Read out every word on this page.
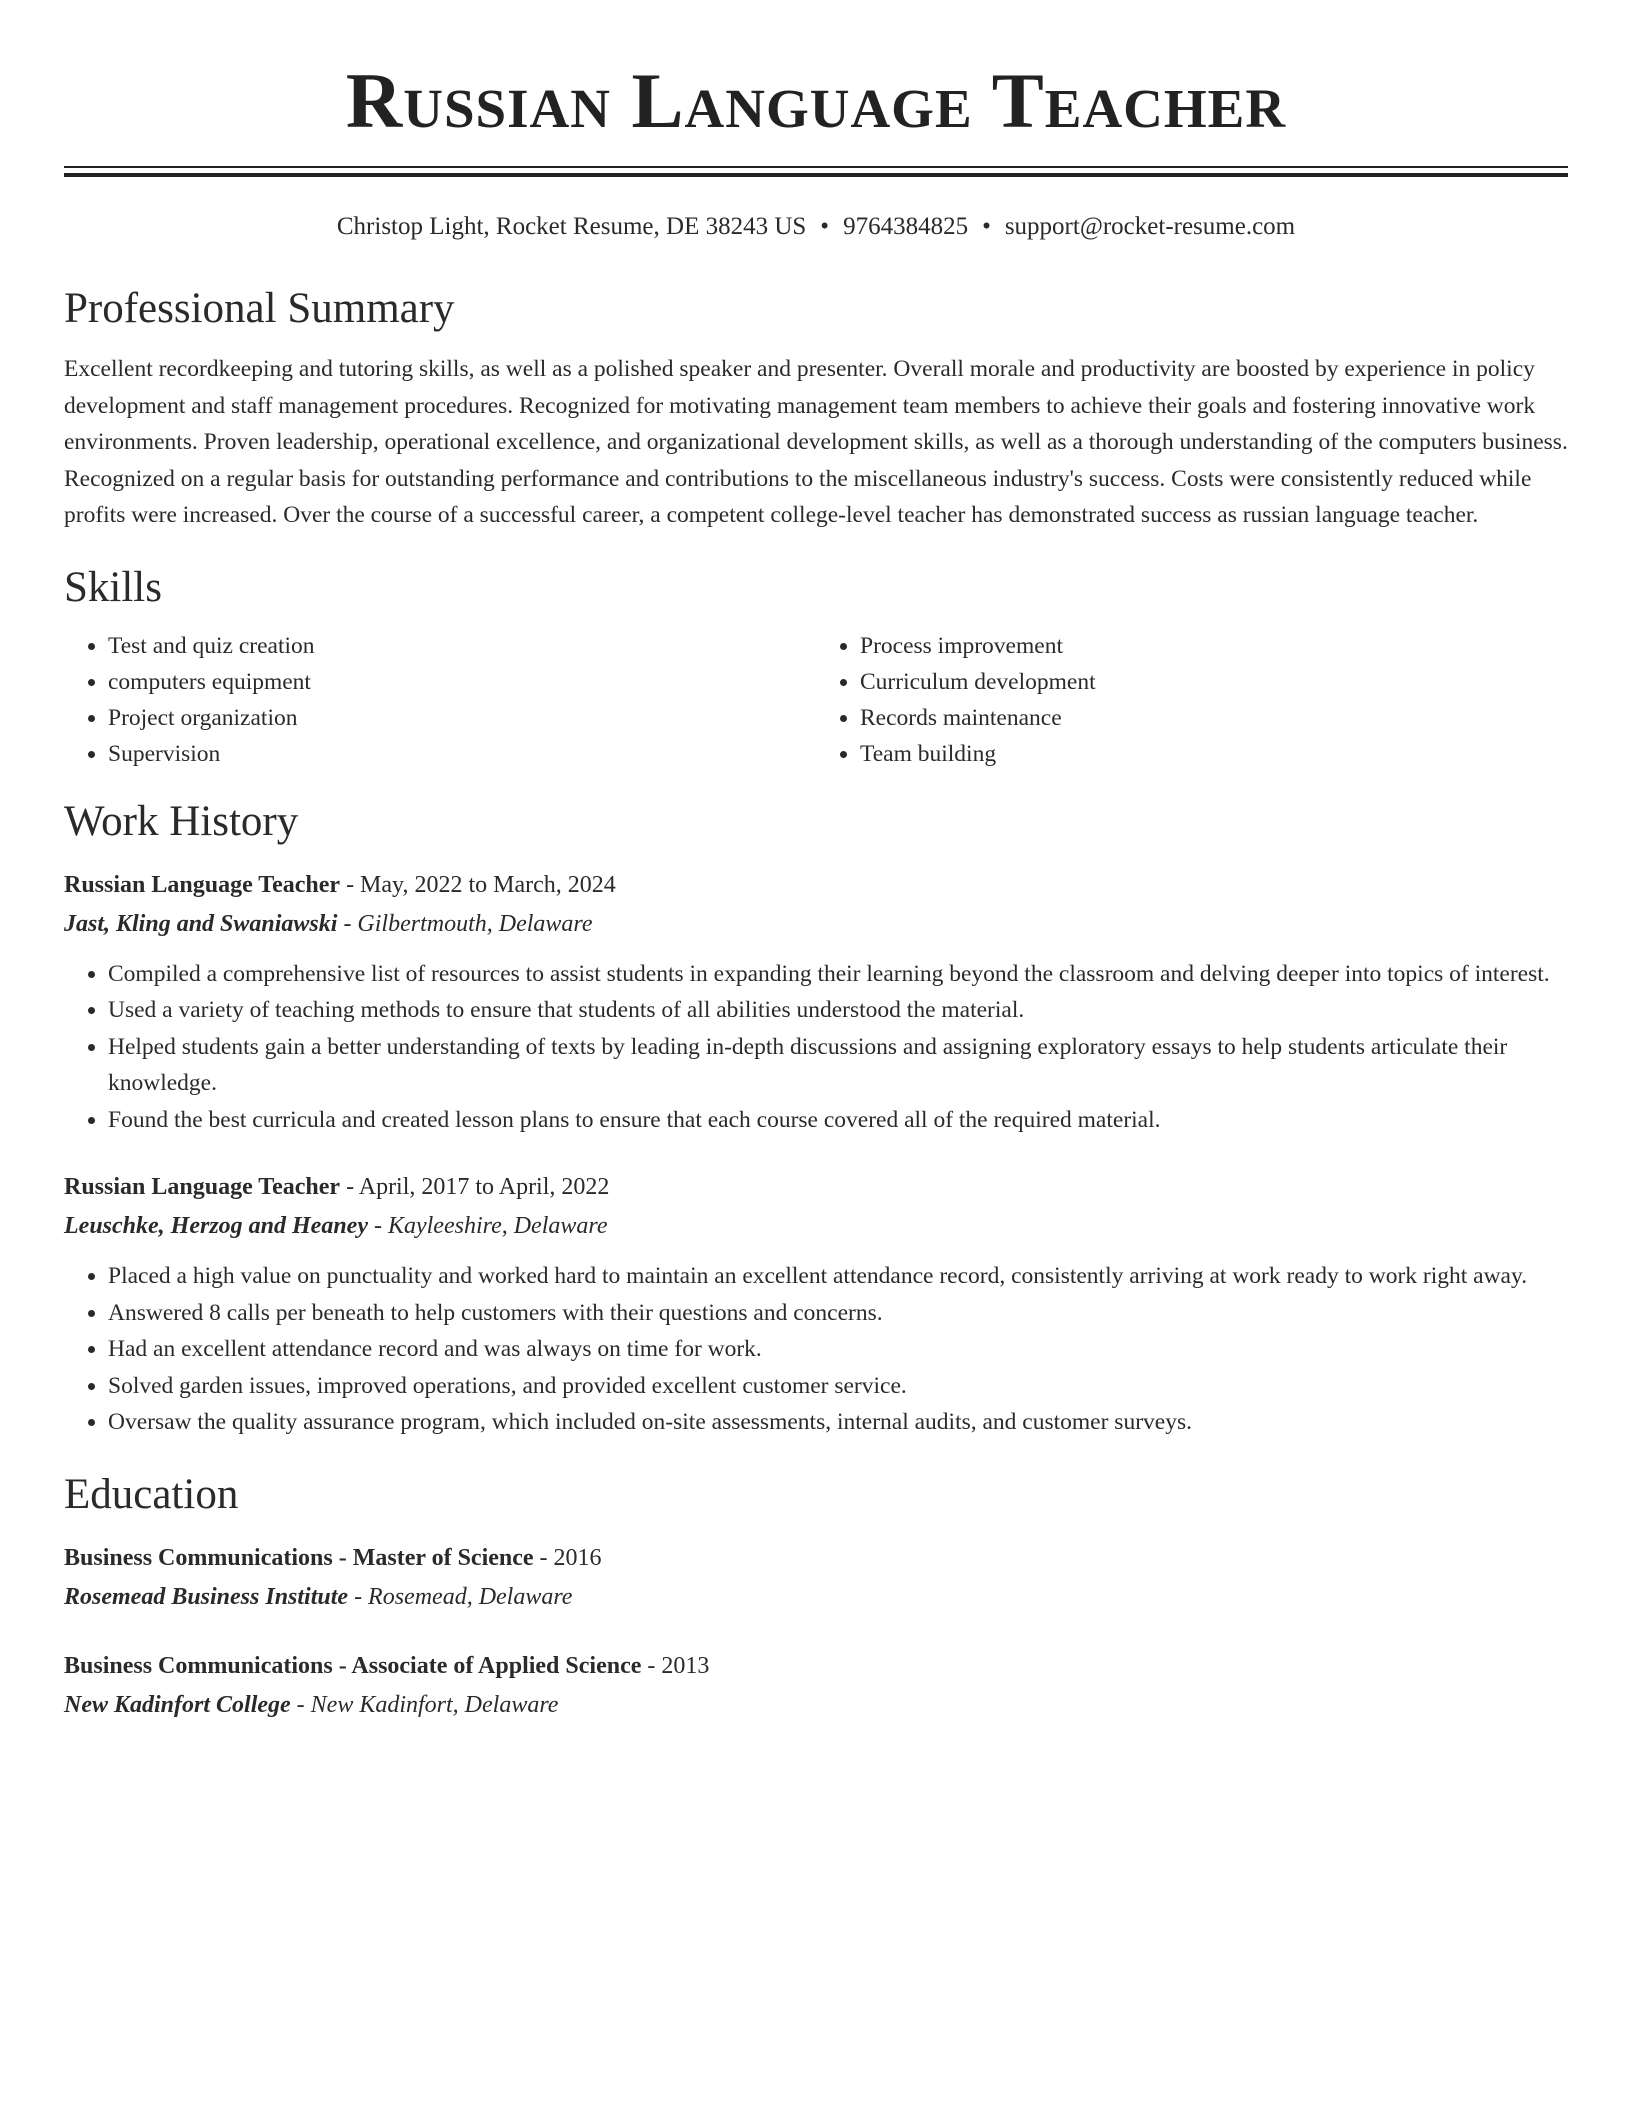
Russian Language Teacher
Christop Light, Rocket Resume, DE 38243 US • 9764384825 • support@rocket-resume.com
Professional Summary

Excellent recordkeeping and tutoring skills, as well as a polished speaker and presenter. Overall morale and productivity are boosted by experience in policy development and staff management procedures. Recognized for motivating management team members to achieve their goals and fostering innovative work environments. Proven leadership, operational excellence, and organizational development skills, as well as a thorough understanding of the computers business. Recognized on a regular basis for outstanding performance and contributions to the miscellaneous industry's success. Costs were consistently reduced while profits were increased. Over the course of a successful career, a competent college-level teacher has demonstrated success as russian language teacher.

Skills
• Test and quiz creation
• computers equipment
• Project organization
• Supervision
• Process improvement
• Curriculum development
• Records maintenance
• Team building
Work History
Russian Language Teacher - May, 2022 to March, 2024
Jast, Kling and Swaniawski - Gilbertmouth, Delaware
• Compiled a comprehensive list of resources to assist students in expanding their learning beyond the classroom and delving deeper into topics of interest.
• Used a variety of teaching methods to ensure that students of all abilities understood the material.
• Helped students gain a better understanding of texts by leading in-depth discussions and assigning exploratory essays to help students articulate their knowledge.
• Found the best curricula and created lesson plans to ensure that each course covered all of the required material.
Russian Language Teacher - April, 2017 to April, 2022
Leuschke, Herzog and Heaney - Kayleeshire, Delaware
• Placed a high value on punctuality and worked hard to maintain an excellent attendance record, consistently arriving at work ready to work right away.
• Answered 8 calls per beneath to help customers with their questions and concerns.
• Had an excellent attendance record and was always on time for work.
• Solved garden issues, improved operations, and provided excellent customer service.
• Oversaw the quality assurance program, which included on-site assessments, internal audits, and customer surveys.
Education
Business Communications - Master of Science - 2016
Rosemead Business Institute - Rosemead, Delaware
Business Communications - Associate of Applied Science - 2013
New Kadinfort College - New Kadinfort, Delaware
